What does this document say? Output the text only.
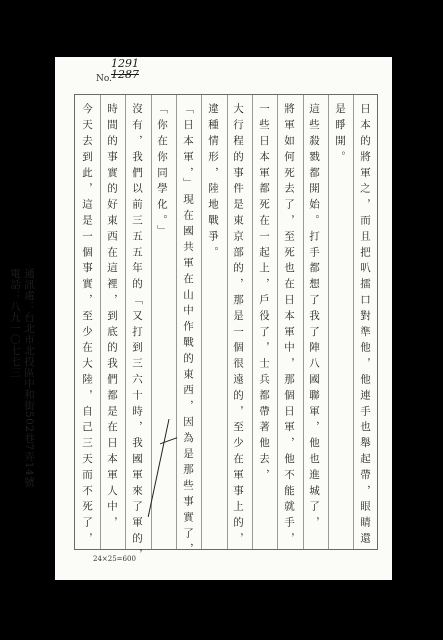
No.
1291
1287
日本的將軍之，而且把叭擂口對準他，他連手也舉起帶，眼睛還
是睜開。
這些殺戮都開始。打手都想了我了陣八國聯軍，他也進城了，
將軍如何死去了，至死也在日本軍中，那個日軍，他不能就手，
一些日本軍都死在一起上，戶役了，士兵都帶著他去，
大行程的事件是東京部的，那是一個很遠的，至少在軍事上的，
違種情形，陸地戰爭。
「日本軍，」現在國共軍在山中作戰的東西，因為是那些事實了，
「你在你同學化。」
沒有，我們以前三五五年的「又打到三六十時，我國軍來了軍的，
時間的事實的好東西在這裡，到底的我們都是在日本軍人中，
今天去到此，這是一個事實，至少在大陸，自己三天而不死了，
24×25=600
通訊處：台北市北投區中和街502巷7弄14號
電話：八九一〇七七三
